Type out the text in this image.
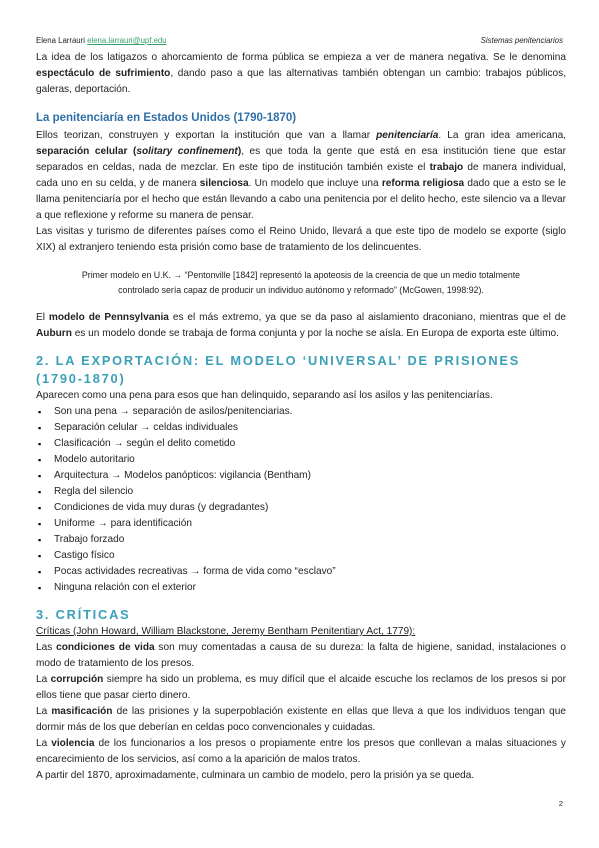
Elena Larrauri elena.larrauri@upf.edu	Sistemas penitenciarios

La idea de los latigazos o ahorcamiento de forma pública se empieza a ver de manera negativa. Se le denomina espectáculo de sufrimiento, dando paso a que las alternativas también obtengan un cambio: trabajos públicos, galeras, deportación.

La penitenciaría en Estados Unidos (1790-1870)

Ellos teorizan, construyen y exportan la institución que van a llamar penitenciaría. La gran idea americana, separación celular (solitary confinement), es que toda la gente que está en esa institución tiene que estar separados en celdas, nada de mezclar. En este tipo de institución también existe el trabajo de manera individual, cada uno en su celda, y de manera silenciosa. Un modelo que incluye una reforma religiosa dado que a esto se le llama penitenciaría por el hecho que están llevando a cabo una penitencia por el delito hecho, este silencio va a llevar a que reflexione y reforme su manera de pensar.

Las visitas y turismo de diferentes países como el Reino Unido, llevará a que este tipo de modelo se exporte (siglo XIX) al extranjero teniendo esta prisión como base de tratamiento de los delincuentes.

Primer modelo en U.K. → “Pentonville [1842] representó la apoteosis de la creencia de que un medio totalmente controlado sería capaz de producir un individuo autónomo y reformado” (McGowen, 1998:92).

El modelo de Pennsylvania es el más extremo, ya que se da paso al aislamiento draconiano, mientras que el de Auburn es un modelo donde se trabaja de forma conjunta y por la noche se aísla. En Europa de exporta este último.

2. LA EXPORTACIÓN: EL MODELO ‘UNIVERSAL’ DE PRISIONES (1790-1870)

Aparecen como una pena para esos que han delinquido, separando así los asilos y las penitenciarías.

▪ Son una pena → separación de asilos/penitenciarias.
▪ Separación celular → celdas individuales
▪ Clasificación → según el delito cometido
▪ Modelo autoritario
▪ Arquitectura → Modelos panópticos: vigilancia (Bentham)
▪ Regla del silencio
▪ Condiciones de vida muy duras (y degradantes)
▪ Uniforme → para identificación
▪ Trabajo forzado
▪ Castigo físico
▪ Pocas actividades recreativas → forma de vida como “esclavo”
▪ Ninguna relación con el exterior
3. CRÍTICAS

Críticas (John Howard, William Blackstone, Jeremy Bentham Penitentiary Act, 1779):

Las condiciones de vida son muy comentadas a causa de su dureza: la falta de higiene, sanidad, instalaciones o modo de tratamiento de los presos.

La corrupción siempre ha sido un problema, es muy difícil que el alcaide escuche los reclamos de los presos si por ellos tiene que pasar cierto dinero.

La masificación de las prisiones y la superpoblación existente en ellas que lleva a que los individuos tengan que dormir más de los que deberían en celdas poco convencionales y cuidadas.

La violencia de los funcionarios a los presos o propiamente entre los presos que conllevan a malas situaciones y encarecimiento de los servicios, así como a la aparición de malos tratos.

A partir del 1870, aproximadamente, culminara un cambio de modelo, pero la prisión ya se queda.

2
